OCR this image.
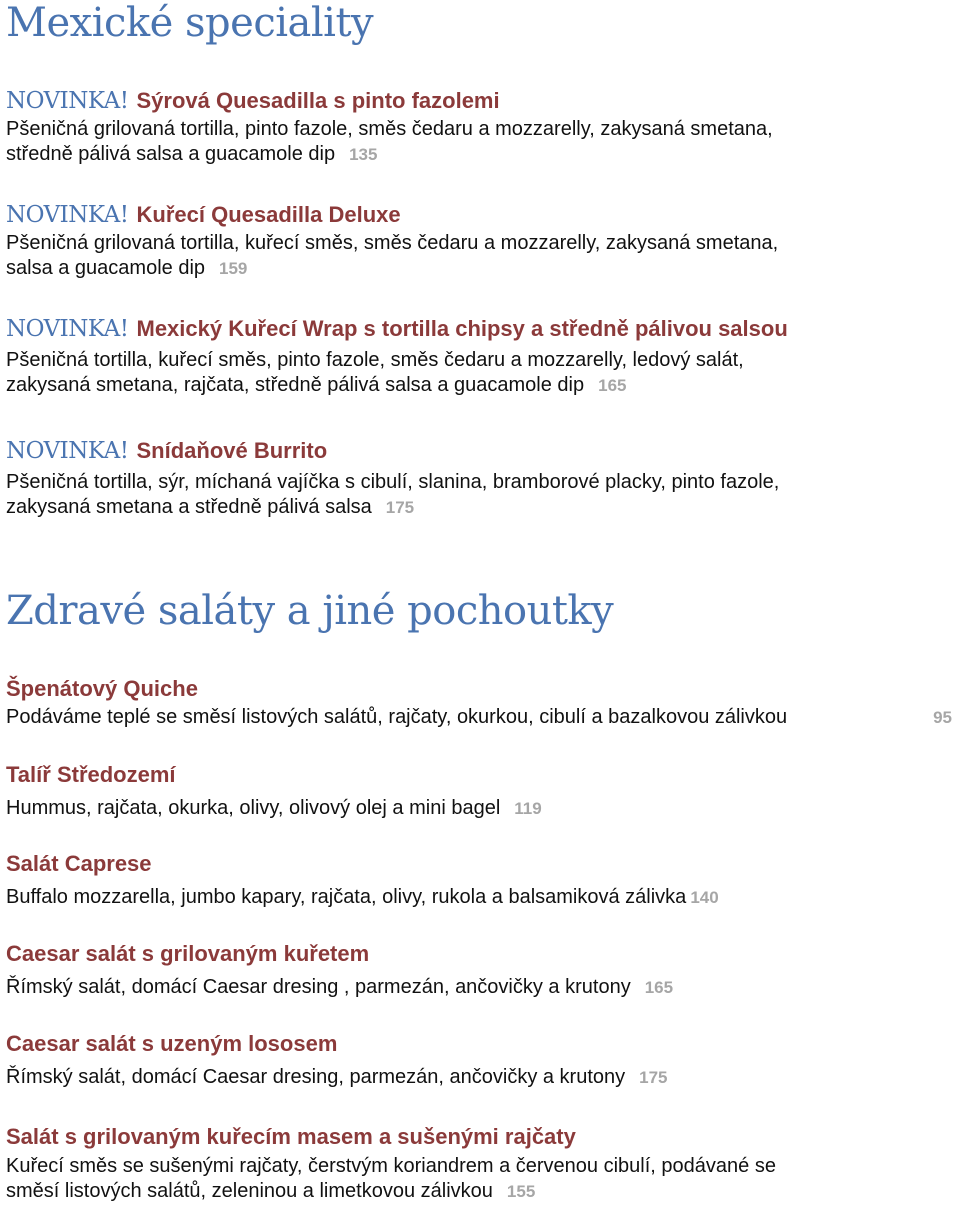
Mexické speciality
NOVINKA! Sýrová Quesadilla s pinto fazolemi
Pšeničná grilovaná tortilla, pinto fazole, směs čedaru a mozzarelly, zakysaná smetana,
středně pálivá salsa a guacamole dip 135
NOVINKA! Kuřecí Quesadilla Deluxe
Pšeničná grilovaná tortilla, kuřecí směs, směs čedaru a mozzarelly, zakysaná smetana,
salsa a guacamole dip 159
NOVINKA! Mexický Kuřecí Wrap s tortilla chipsy a středně pálivou salsou
Pšeničná tortilla, kuřecí směs, pinto fazole, směs čedaru a mozzarelly, ledový salát,
zakysaná smetana, rajčata, středně pálivá salsa a guacamole dip 165
NOVINKA! Snídaňové Burrito
Pšeničná tortilla, sýr, míchaná vajíčka s cibulí, slanina, bramborové placky, pinto fazole,
zakysaná smetana a středně pálivá salsa 175
Zdravé saláty a jiné pochoutky
Špenátový Quiche
Podáváme teplé se směsí listových salátů, rajčaty, okurkou, cibulí a bazalkovou zálivkou	95
Talíř Středozemí
Hummus, rajčata, okurka, olivy, olivový olej a mini bagel 119
Salát Caprese
Buffalo mozzarella, jumbo kapary, rajčata, olivy, rukola a balsamiková zálivka 140
Caesar salát s grilovaným kuřetem
Římský salát, domácí Caesar dresing , parmezán, ančovičky a krutony 165
Caesar salát s uzeným lososem
Římský salát, domácí Caesar dresing, parmezán, ančovičky a krutony 175
Salát s grilovaným kuřecím masem a sušenými rajčaty
Kuřecí směs se sušenými rajčaty, čerstvým koriandrem a červenou cibulí, podávané se
směsí listových salátů, zeleninou a limetkovou zálivkou 155
